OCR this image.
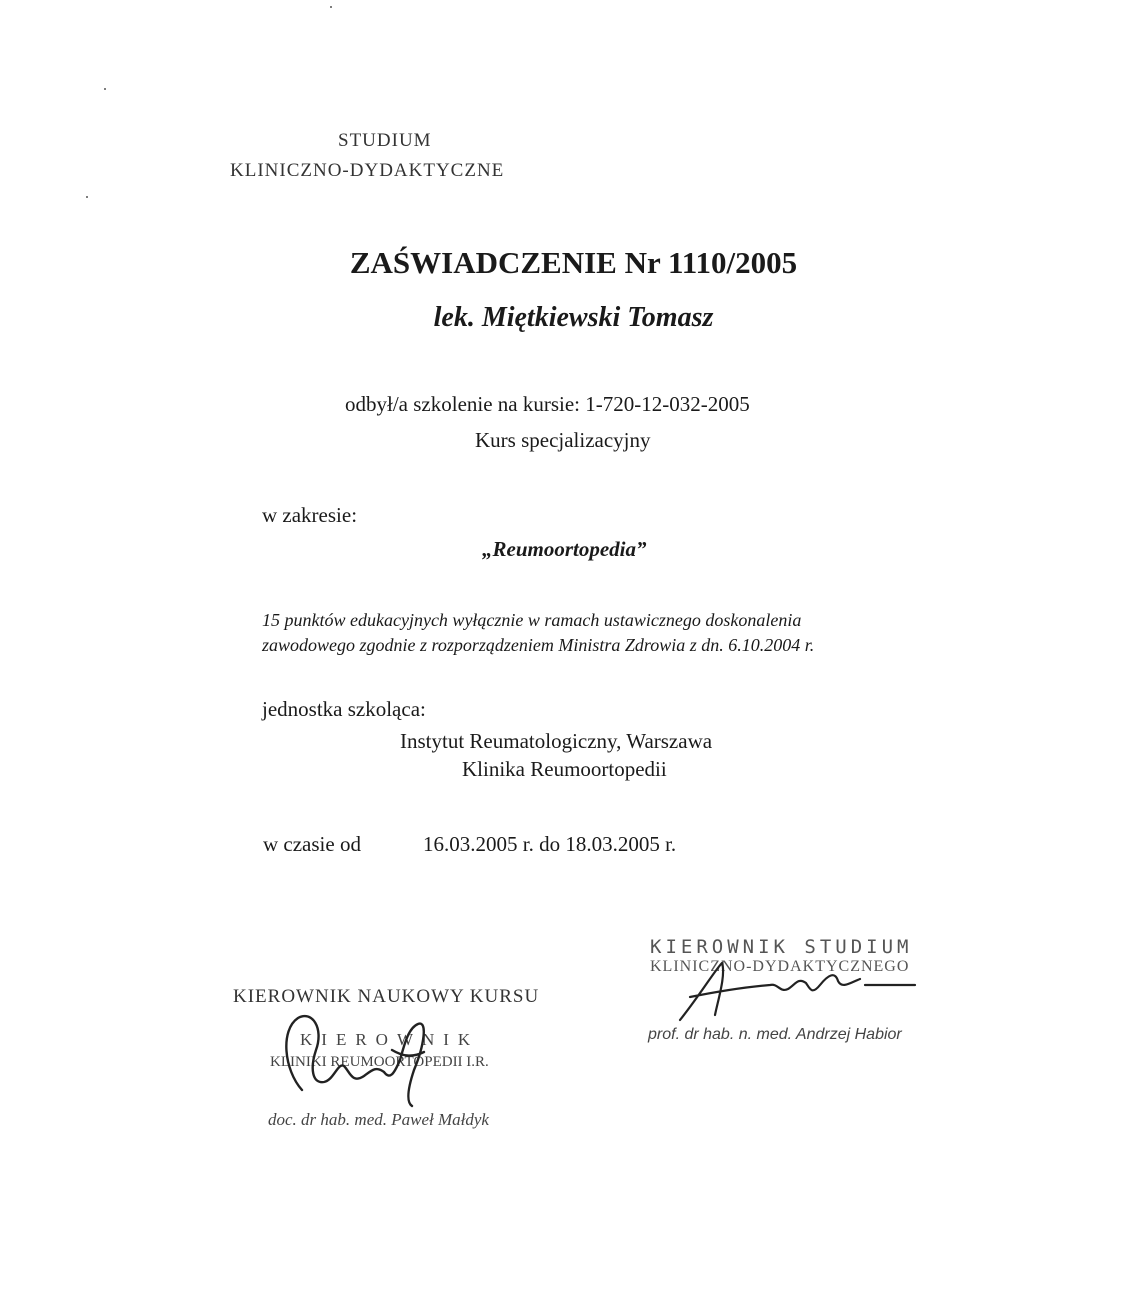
STUDIUM
KLINICZNO-DYDAKTYCZNE
ZAŚWIADCZENIE Nr 1110/2005
lek. Miętkiewski Tomasz
odbył/a szkolenie na kursie: 1-720-12-032-2005
Kurs specjalizacyjny
w zakresie:
„Reumoortopedia”
15 punktów edukacyjnych wyłącznie w ramach ustawicznego doskonalenia zawodowego zgodnie z rozporządzeniem Ministra Zdrowia z dn. 6.10.2004 r.
jednostka szkoląca:
Instytut Reumatologiczny, Warszawa
Klinika Reumoortopedii
w czasie od	16.03.2005 r. do 18.03.2005 r.
KIEROWNIK STUDIUM
KLINICZNO-DYDAKTYCZNEGO
prof. dr hab. n. med. Andrzej Habior
KIEROWNIK NAUKOWY KURSU
KIEROWNIK
KLINIKI REUMOORTOPEDII I.R.
doc. dr hab. med. Paweł Małdyk
